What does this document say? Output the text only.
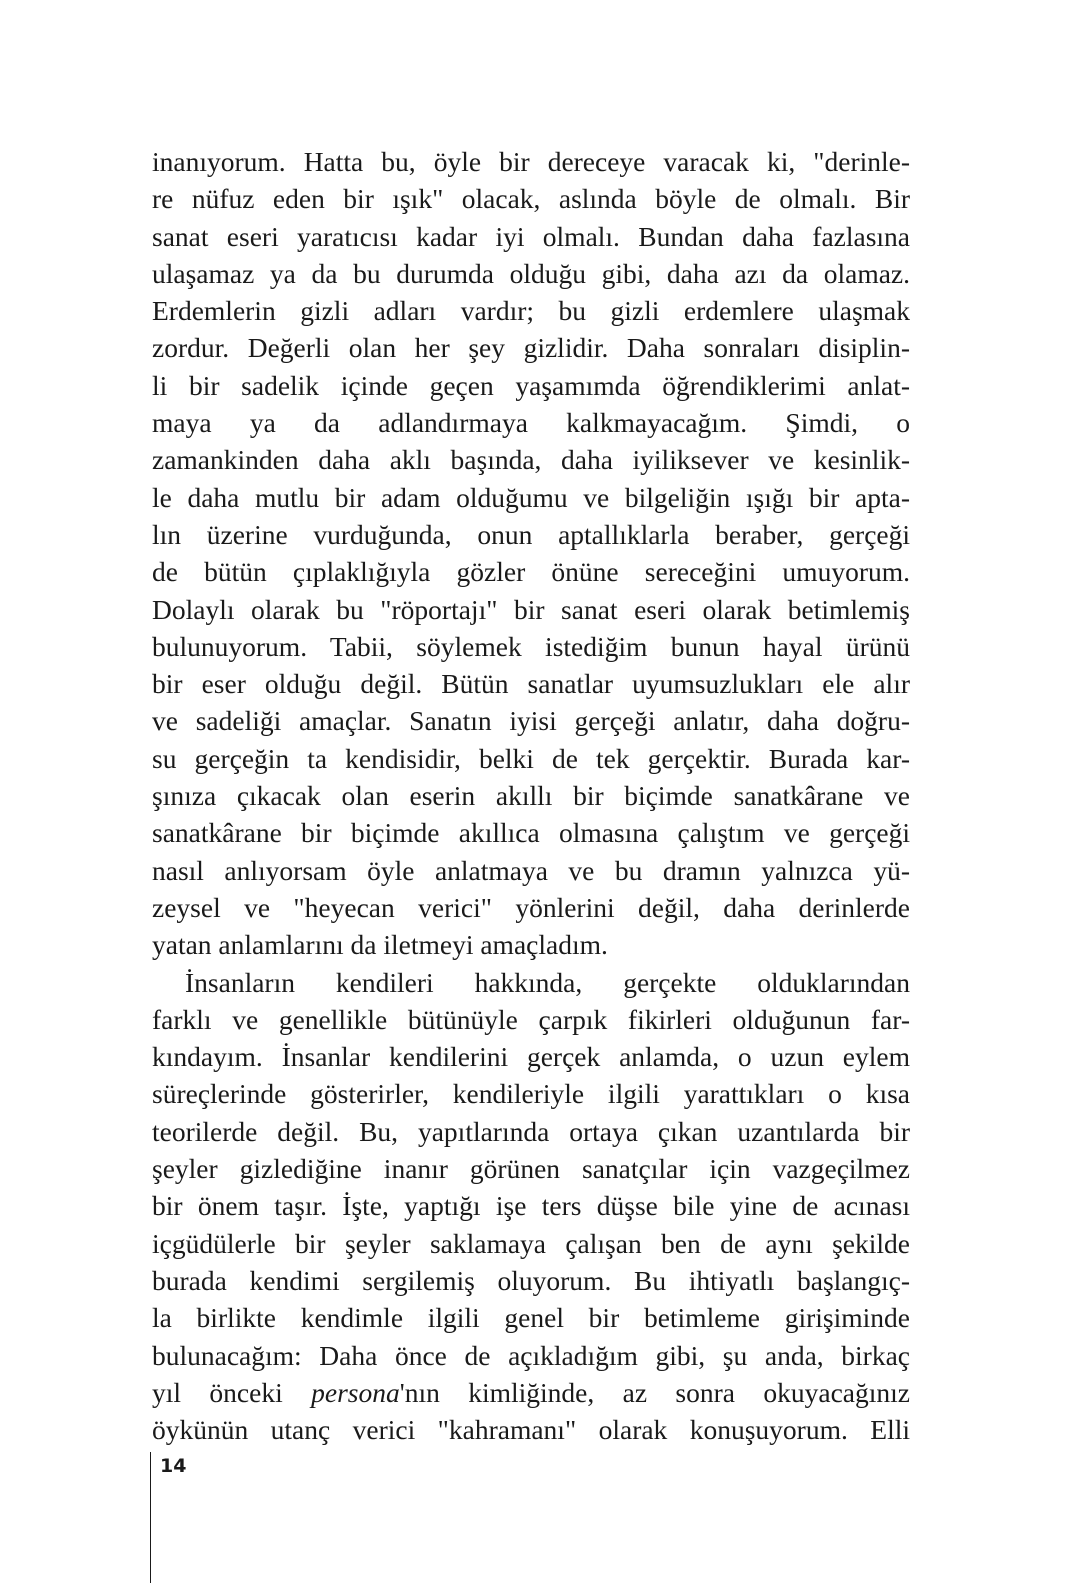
inanıyorum. Hatta bu, öyle bir dereceye varacak ki, "derinle-
re nüfuz eden bir ışık" olacak, aslında böyle de olmalı. Bir
sanat eseri yaratıcısı kadar iyi olmalı. Bundan daha fazlasına
ulaşamaz ya da bu durumda olduğu gibi, daha azı da olamaz.
Erdemlerin gizli adları vardır; bu gizli erdemlere ulaşmak
zordur. Değerli olan her şey gizlidir. Daha sonraları disiplin-
li bir sadelik içinde geçen yaşamımda öğrendiklerimi anlat-
maya ya da adlandırmaya kalkmayacağım. Şimdi, o
zamankinden daha aklı başında, daha iyiliksever ve kesinlik-
le daha mutlu bir adam olduğumu ve bilgeliğin ışığı bir apta-
lın üzerine vurduğunda, onun aptallıklarla beraber, gerçeği
de bütün çıplaklığıyla gözler önüne sereceğini umuyorum.
Dolaylı olarak bu "röportajı" bir sanat eseri olarak betimlemiş
bulunuyorum. Tabii, söylemek istediğim bunun hayal ürünü
bir eser olduğu değil. Bütün sanatlar uyumsuzlukları ele alır
ve sadeliği amaçlar. Sanatın iyisi gerçeği anlatır, daha doğru-
su gerçeğin ta kendisidir, belki de tek gerçektir. Burada kar-
şınıza çıkacak olan eserin akıllı bir biçimde sanatkârane ve
sanatkârane bir biçimde akıllıca olmasına çalıştım ve gerçeği
nasıl anlıyorsam öyle anlatmaya ve bu dramın yalnızca yü-
zeysel ve "heyecan verici" yönlerini değil, daha derinlerde
yatan anlamlarını da iletmeyi amaçladım.
İnsanların kendileri hakkında, gerçekte olduklarından
farklı ve genellikle bütünüyle çarpık fikirleri olduğunun far-
kındayım. İnsanlar kendilerini gerçek anlamda, o uzun eylem
süreçlerinde gösterirler, kendileriyle ilgili yarattıkları o kısa
teorilerde değil. Bu, yapıtlarında ortaya çıkan uzantılarda bir
şeyler gizlediğine inanır görünen sanatçılar için vazgeçilmez
bir önem taşır. İşte, yaptığı işe ters düşse bile yine de acınası
içgüdülerle bir şeyler saklamaya çalışan ben de aynı şekilde
burada kendimi sergilemiş oluyorum. Bu ihtiyatlı başlangıç-
la birlikte kendimle ilgili genel bir betimleme girişiminde
bulunacağım: Daha önce de açıkladığım gibi, şu anda, birkaç
yıl önceki persona'nın kimliğinde, az sonra okuyacağınız
öykünün utanç verici "kahramanı" olarak konuşuyorum. Elli
14
